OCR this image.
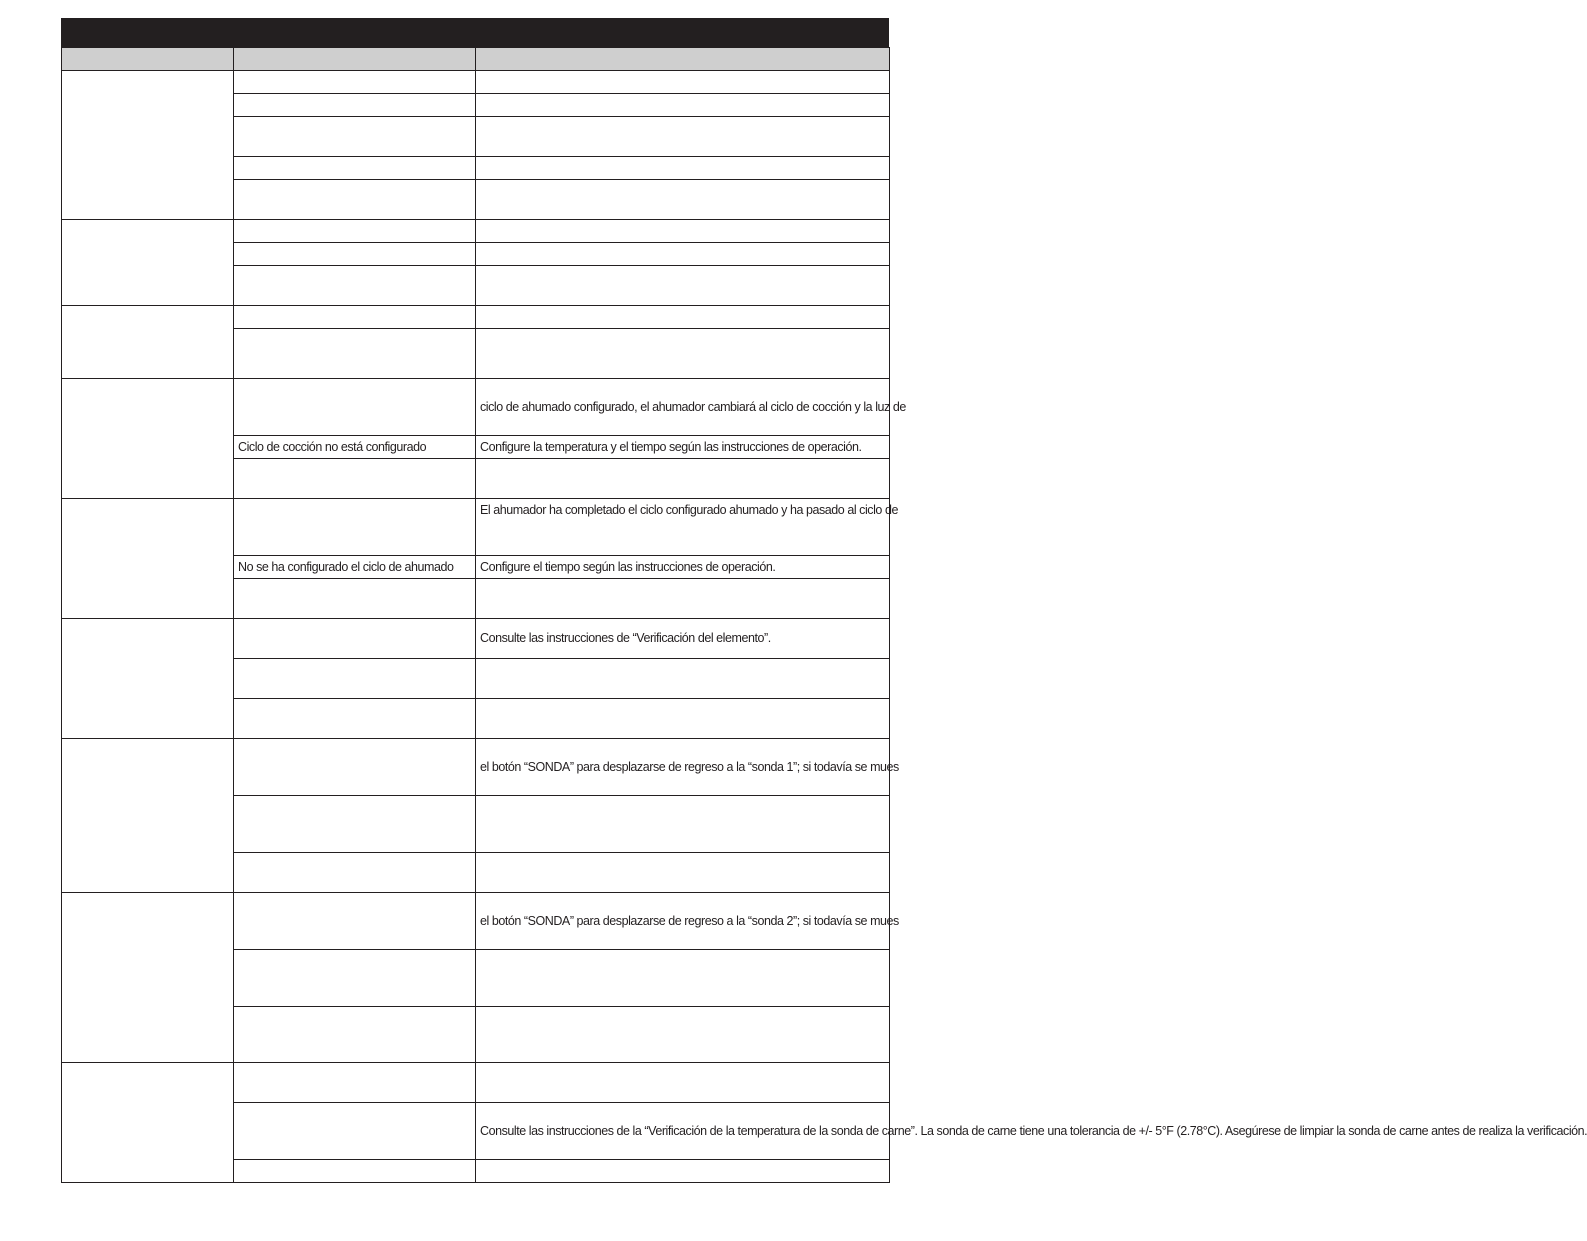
		ciclo de ahumado configurado, el ahumador cambiará al ciclo de cocción y la luz de
	Ciclo de cocción no está configurado	Configure la temperatura y el tiempo según las instrucciones de operación.

		El ahumador ha completado el ciclo configurado ahumado y ha pasado al ciclo de
	No se ha configurado el ciclo de ahumado	Configure el tiempo según las instrucciones de operación.

		Consulte las instrucciones de “Verificación del elemento”.

		el botón “SONDA” para desplazarse de regreso a la “sonda 1”; si todavía se mues

		el botón “SONDA” para desplazarse de regreso a la “sonda 2”; si todavía se mues

		Consulte las instrucciones de la “Verificación de la temperatura de la sonda de carne”. La sonda de carne tiene una tolerancia de +/- 5°F (2.78°C). Asegúrese de limpiar la sonda de carne antes de realiza la verificación.
